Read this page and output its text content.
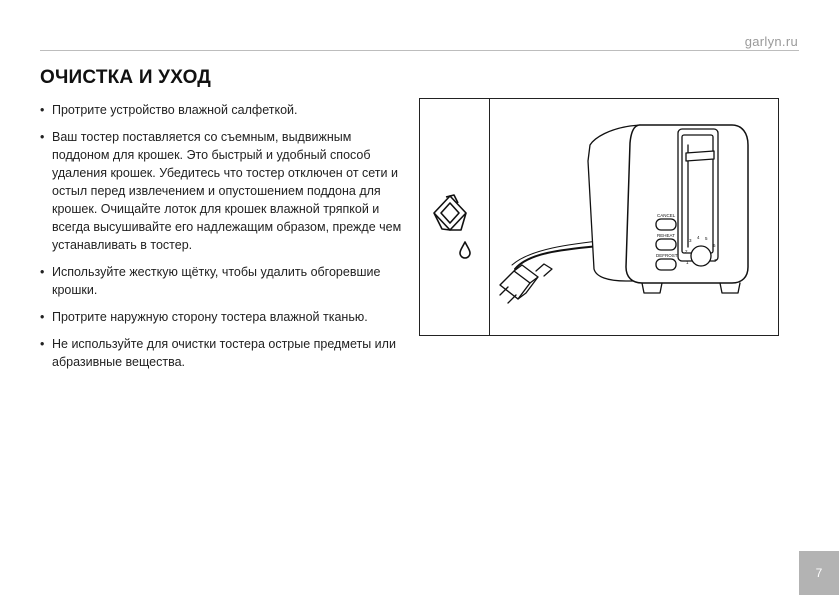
garlyn.ru
ОЧИСТКА И УХОД
• Протрите устройство влажной салфеткой.
• Ваш тостер поставляется со съемным, выдвижным поддоном для крошек. Это быстрый и удобный способ удаления крошек. Убедитесь что тостер отключен от сети и остыл перед извлечением и опустошением поддона для крошек. Очищайте лоток для крошек влажной тряпкой и всегда высушивайте его надлежащим образом, прежде чем устанавливать в тостер.
• Используйте жесткую щётку, чтобы удалить обгоревшие крошки.
• Протрите наружную сторону тостера влажной тканью.
• Не используйте для очистки тостера острые предметы или абразивные вещества.
CANCEL
REHEAT
DEFROST
1
2
3
4 5
6
7
7
